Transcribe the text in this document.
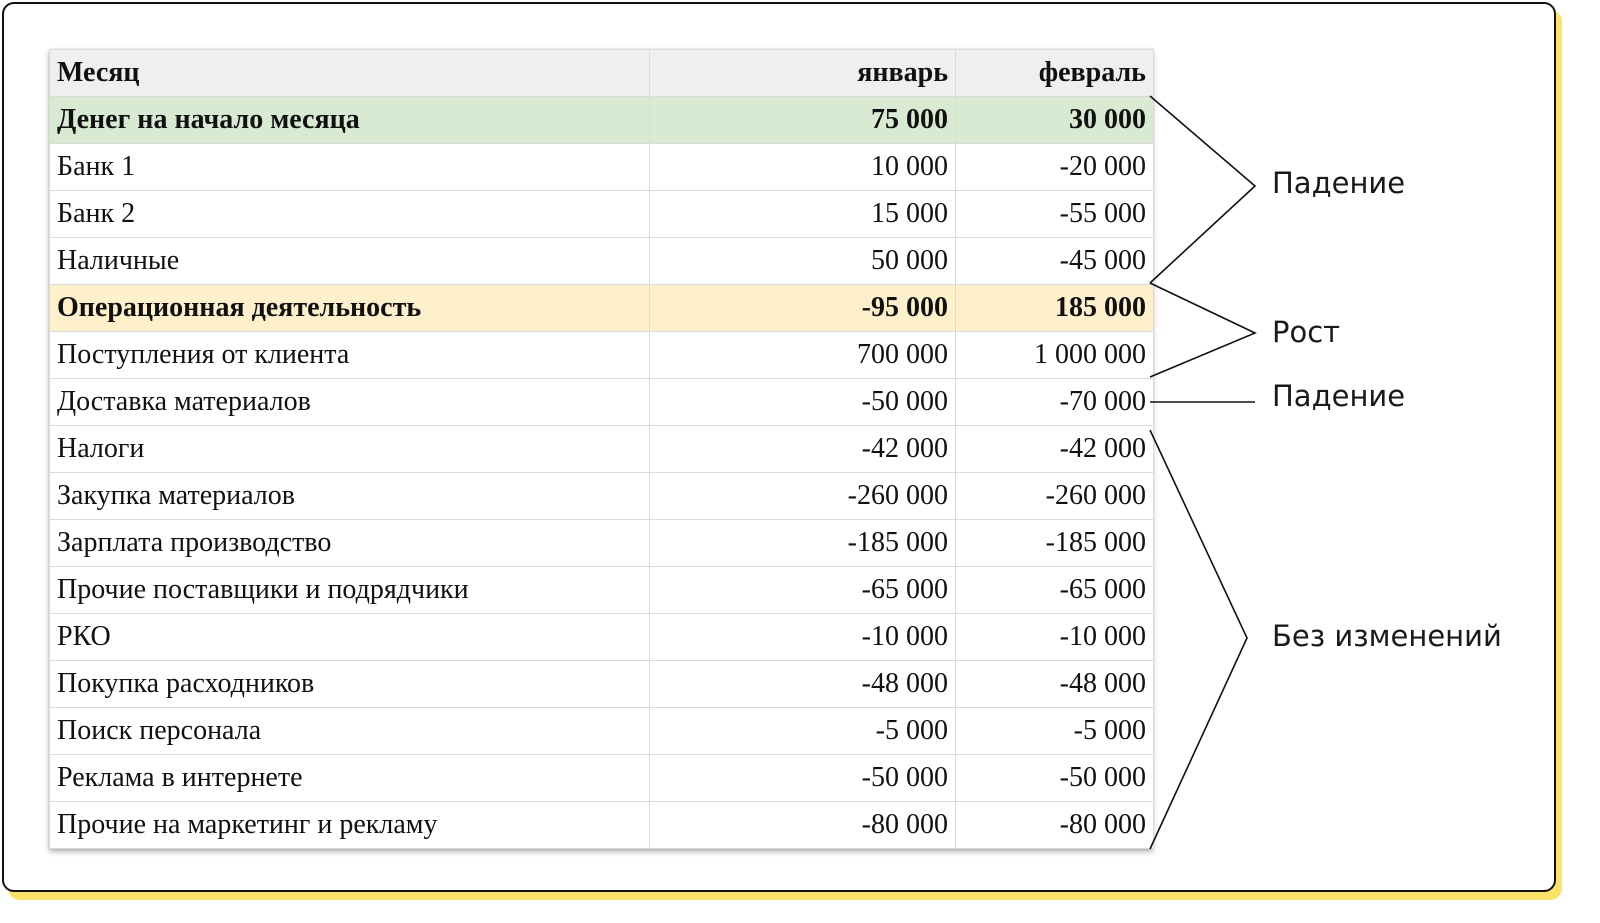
Месяц	январь	февраль
Денег на начало месяца	75 000	30 000
Банк 1	10 000	-20 000
Банк 2	15 000	-55 000
Наличные	50 000	-45 000
Операционная деятельность	-95 000	185 000
Поступления от клиента	700 000	1 000 000
Доставка материалов	-50 000	-70 000
Налоги	-42 000	-42 000
Закупка материалов	-260 000	-260 000
Зарплата производство	-185 000	-185 000
Прочие поставщики и подрядчики	-65 000	-65 000
РКО	-10 000	-10 000
Покупка расходников	-48 000	-48 000
Поиск персонала	-5 000	-5 000
Реклама в интернете	-50 000	-50 000
Прочие на маркетинг и рекламу	-80 000	-80 000
Падение
Рост
Падение
Без изменений
